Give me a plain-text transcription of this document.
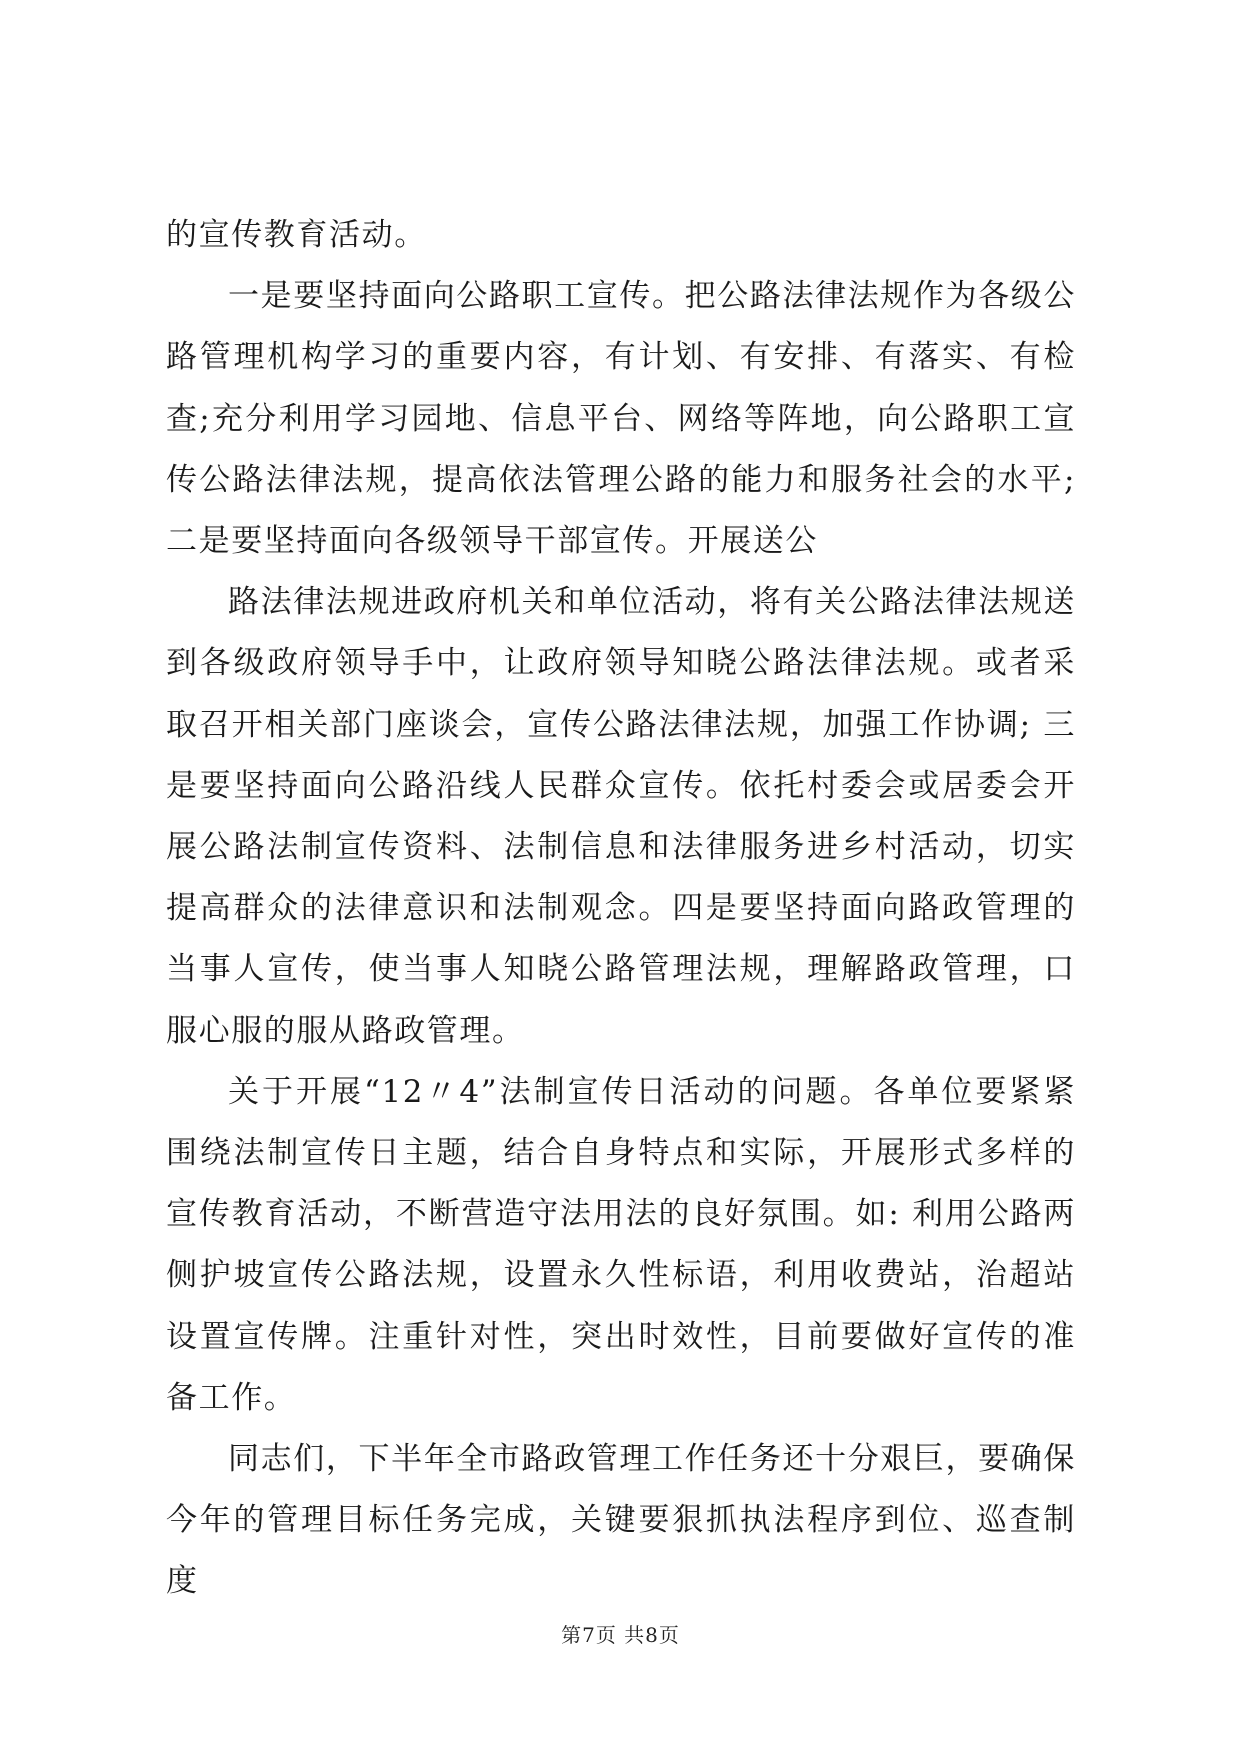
的宣传教育活动。

一是要坚持面向公路职工宣传。把公路法律法规作为各级公路管理机构学习的重要内容，有计划、有安排、有落实、有检查;充分利用学习园地、信息平台、网络等阵地，向公路职工宣传公路法律法规，提高依法管理公路的能力和服务社会的水平; 二是要坚持面向各级领导干部宣传。开展送公

路法律法规进政府机关和单位活动，将有关公路法律法规送到各级政府领导手中，让政府领导知晓公路法律法规。或者采取召开相关部门座谈会，宣传公路法律法规，加强工作协调; 三是要坚持面向公路沿线人民群众宣传。依托村委会或居委会开展公路法制宣传资料、法制信息和法律服务进乡村活动，切实提高群众的法律意识和法制观念。四是要坚持面向路政管理的当事人宣传，使当事人知晓公路管理法规，理解路政管理，口服心服的服从路政管理。

关于开展“12〃4”法制宣传日活动的问题。各单位要紧紧围绕法制宣传日主题，结合自身特点和实际，开展形式多样的宣传教育活动，不断营造守法用法的良好氛围。如: 利用公路两侧护坡宣传公路法规，设置永久性标语，利用收费站，治超站设置宣传牌。注重针对性，突出时效性，目前要做好宣传的准备工作。

同志们，下半年全市路政管理工作任务还十分艰巨，要确保今年的管理目标任务完成，关键要狠抓执法程序到位、巡查制度

第7页 共8页
